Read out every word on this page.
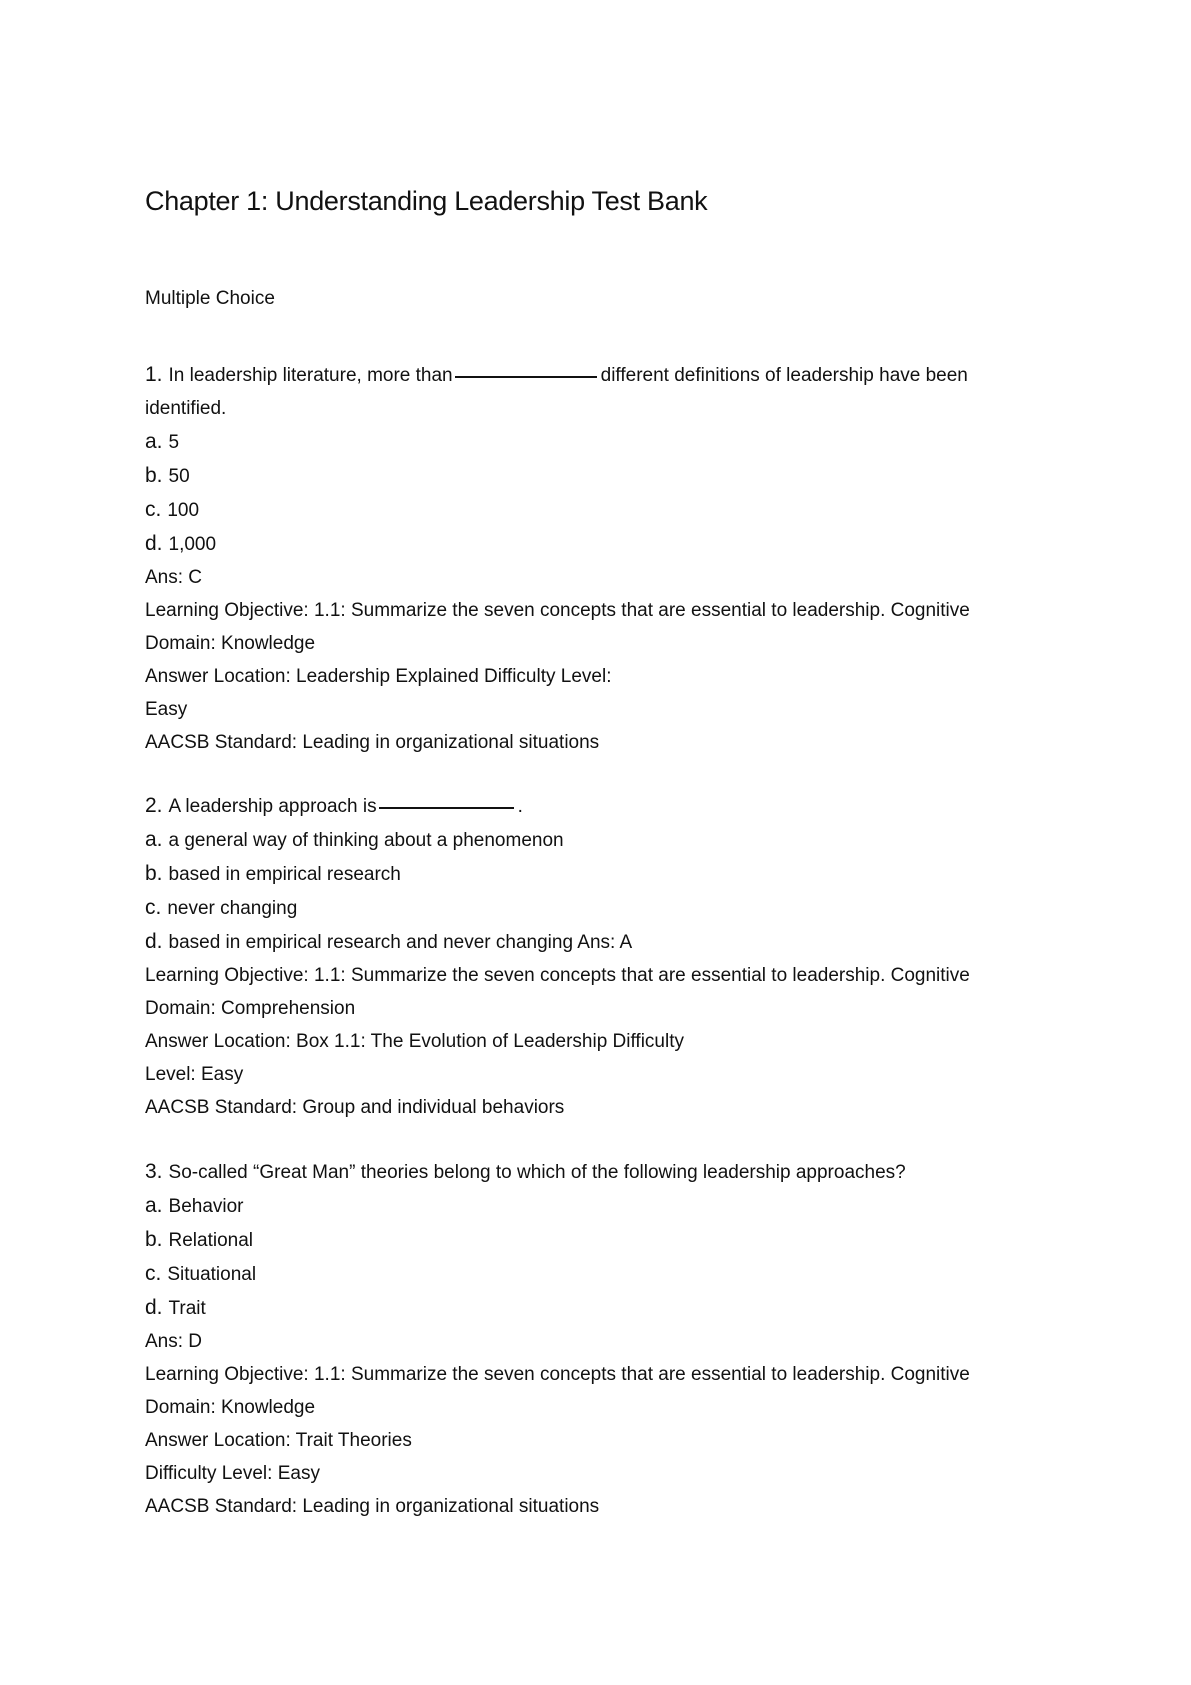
Chapter 1: Understanding Leadership Test Bank
Multiple Choice
1. In leadership literature, more than	different definitions of leadership have been
identified.
a. 5
b. 50
c. 100
d. 1,000
Ans: C
Learning Objective: 1.1: Summarize the seven concepts that are essential to leadership. Cognitive
Domain: Knowledge
Answer Location: Leadership Explained Difficulty Level:
Easy
AACSB Standard: Leading in organizational situations
2. A leadership approach is	.
a. a general way of thinking about a phenomenon
b. based in empirical research
c. never changing
d. based in empirical research and never changing Ans: A
Learning Objective: 1.1: Summarize the seven concepts that are essential to leadership. Cognitive
Domain: Comprehension
Answer Location: Box 1.1: The Evolution of Leadership Difficulty
Level: Easy
AACSB Standard: Group and individual behaviors
3. So-called “Great Man” theories belong to which of the following leadership approaches?
a. Behavior
b. Relational
c. Situational
d. Trait
Ans: D
Learning Objective: 1.1: Summarize the seven concepts that are essential to leadership. Cognitive
Domain: Knowledge
Answer Location: Trait Theories
Difficulty Level: Easy
AACSB Standard: Leading in organizational situations
